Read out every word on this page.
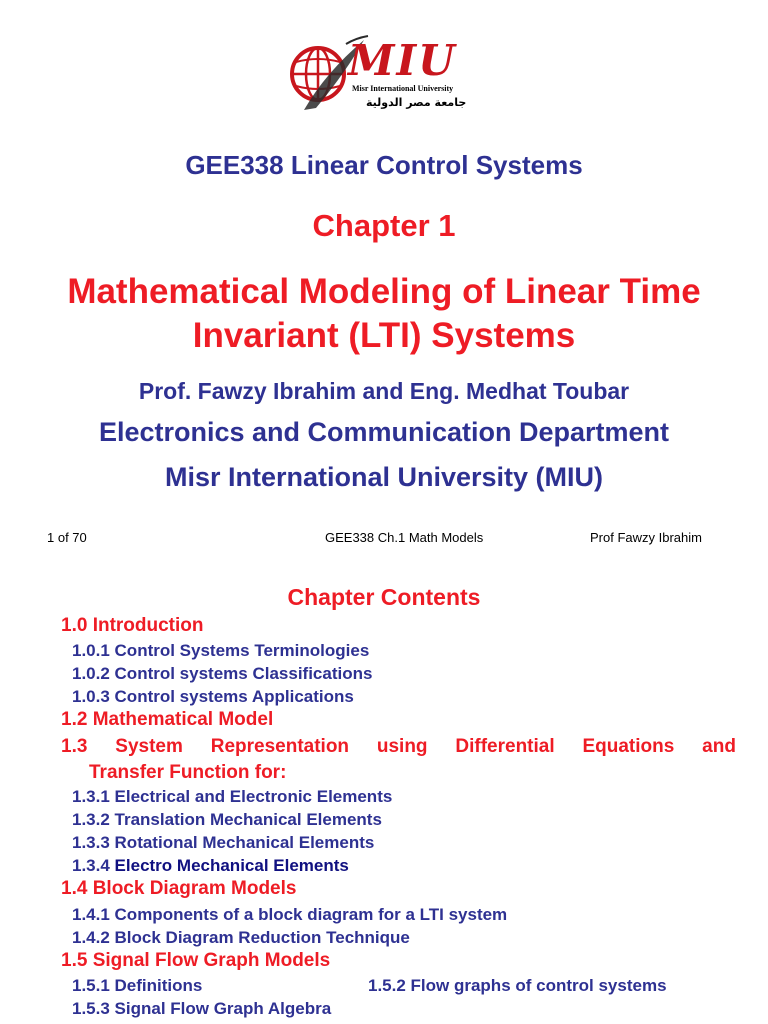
MIU
Misr International University
جامعة مصر الدولية
GEE338 Linear Control Systems
Chapter 1
Mathematical Modeling of Linear Time
Invariant (LTI) Systems
Prof. Fawzy Ibrahim and Eng. Medhat Toubar
Electronics and Communication Department
Misr International University (MIU)
1 of 70	GEE338 Ch.1 Math Models	Prof Fawzy Ibrahim
Chapter Contents
1.0 Introduction
1.0.1 Control Systems Terminologies
1.0.2 Control systems Classifications
1.0.3 Control systems Applications
1.2 Mathematical Model
1.3 System Representation using Differential Equations and
Transfer Function for:
1.3.1 Electrical and Electronic Elements
1.3.2 Translation Mechanical Elements
1.3.3 Rotational Mechanical Elements
1.3.4 Electro Mechanical Elements
1.4 Block Diagram Models
1.4.1 Components of a block diagram for a LTI system
1.4.2 Block Diagram Reduction Technique
1.5 Signal Flow Graph Models
1.5.1 Definitions	1.5.2 Flow graphs of control systems
1.5.3 Signal Flow Graph Algebra
